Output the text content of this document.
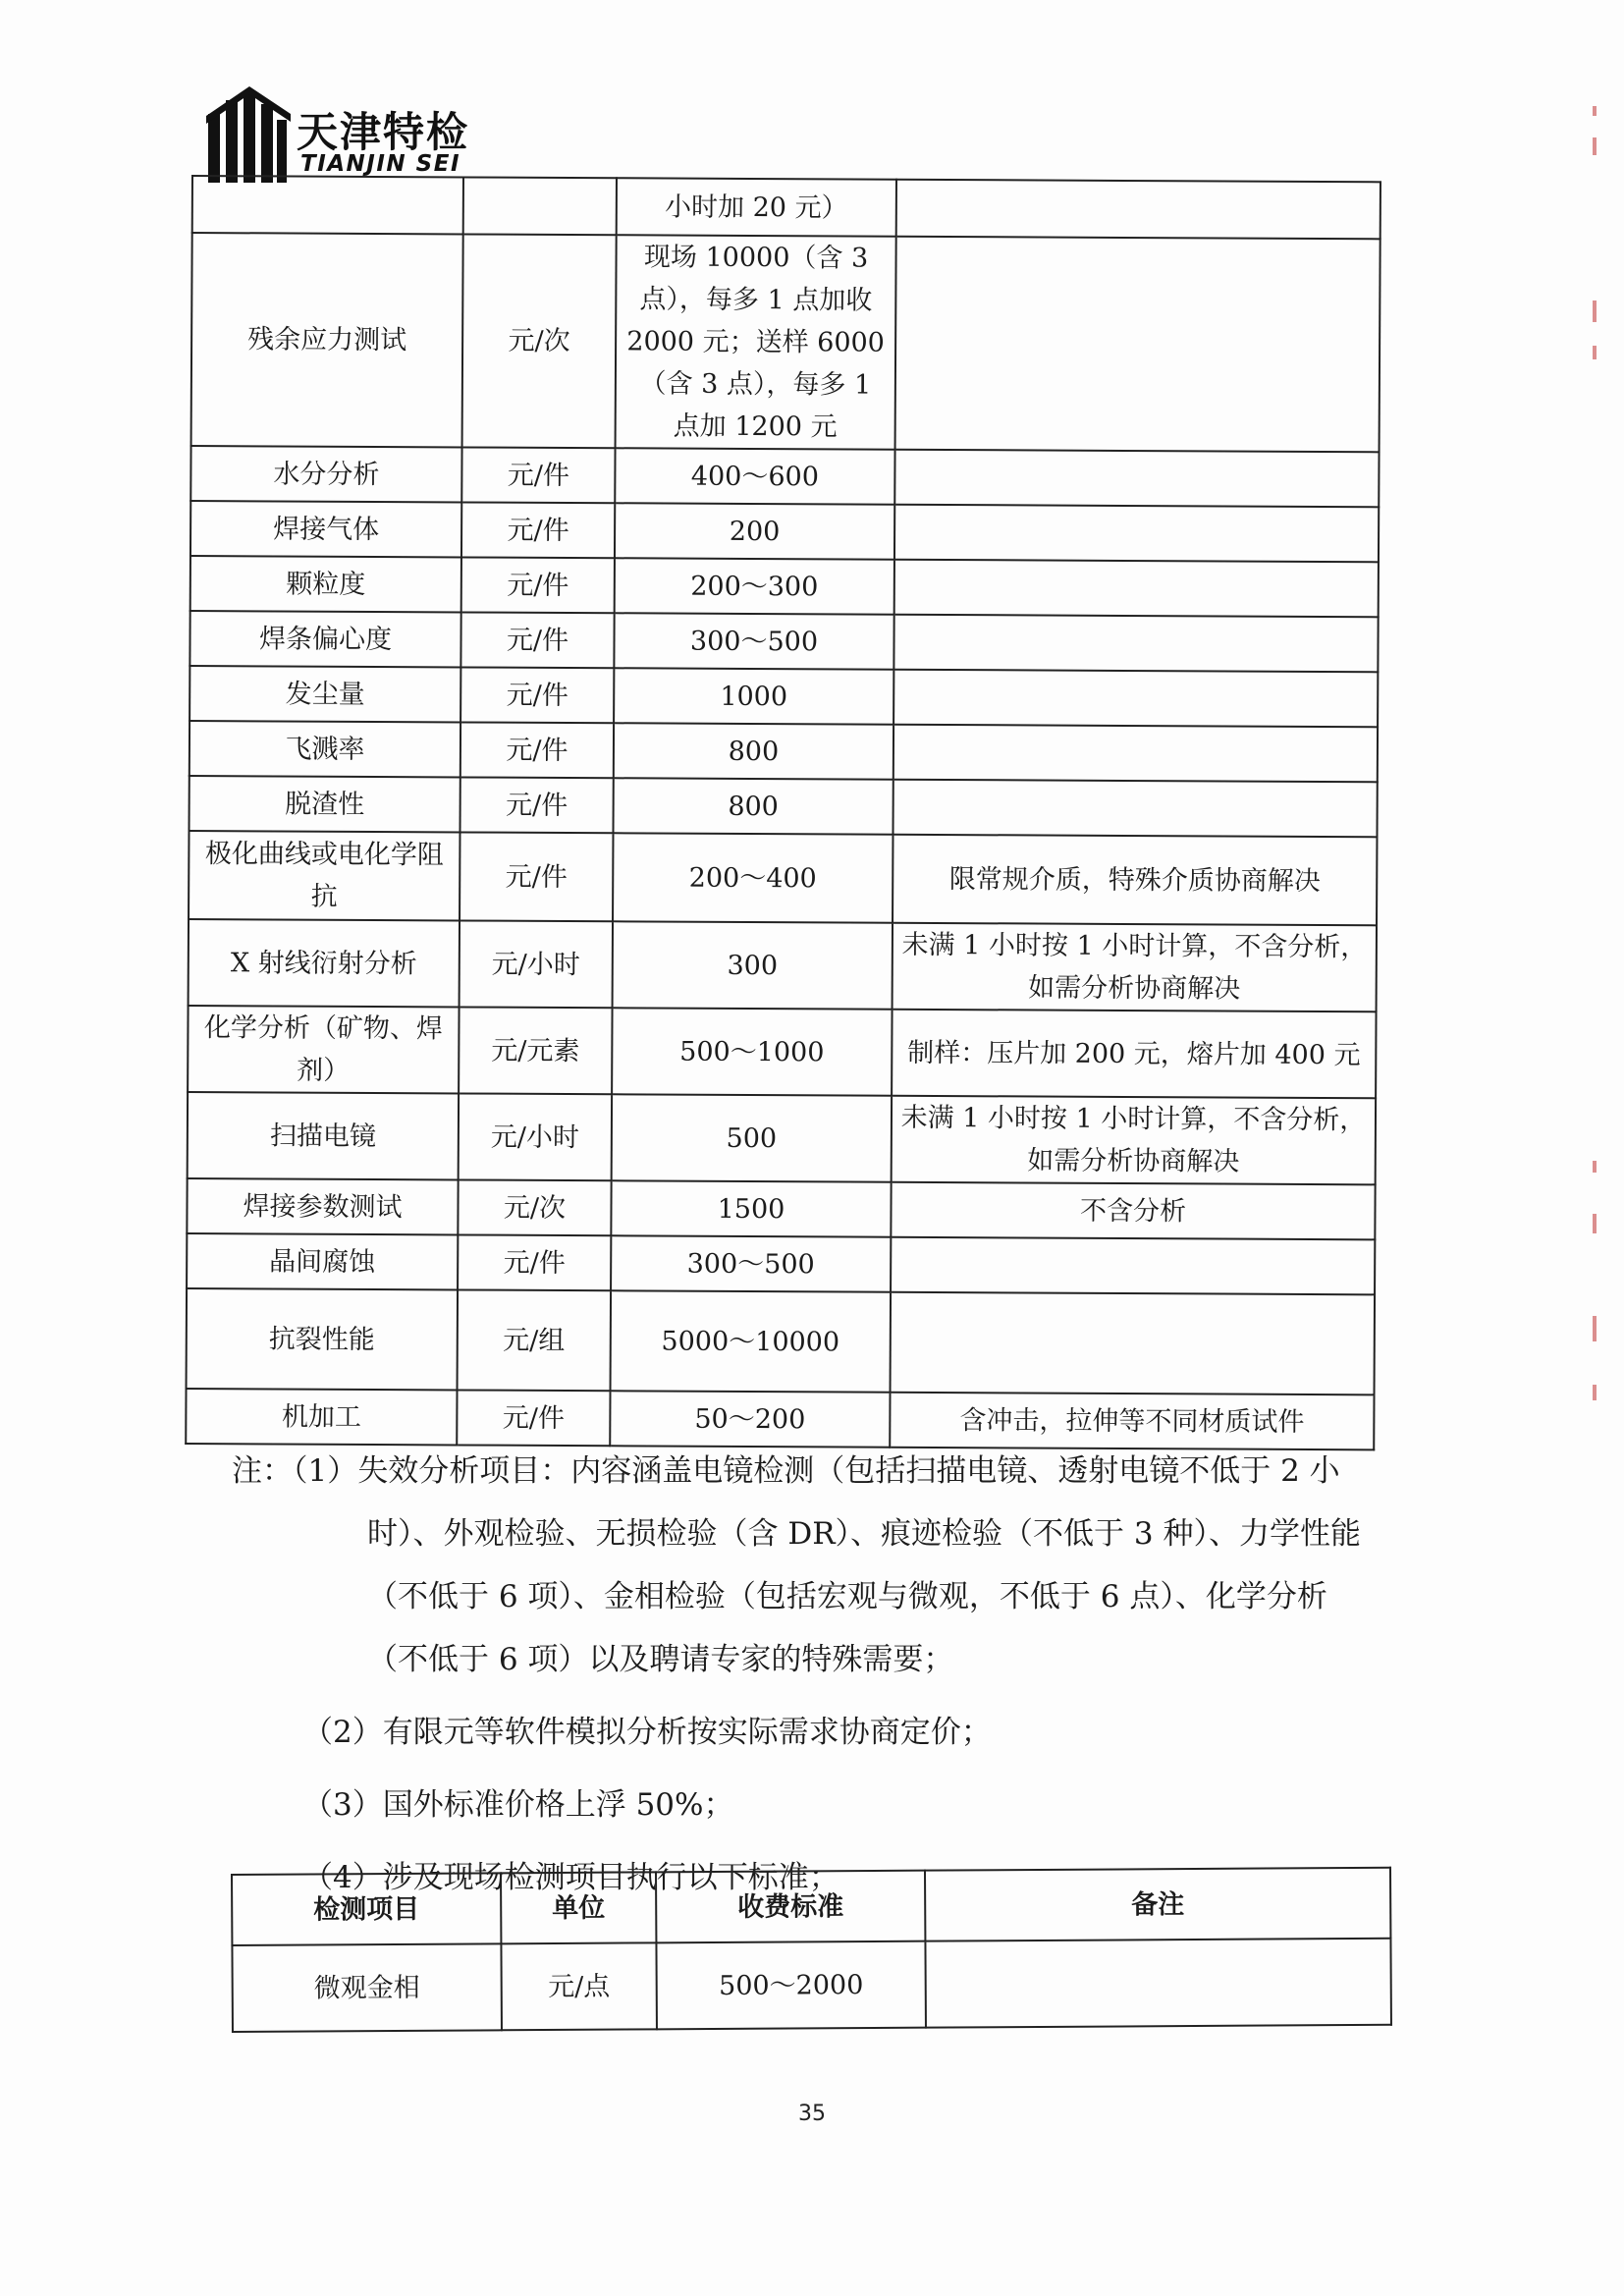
天津特检
TIANJIN SEI
		小时加 20 元）	
残余应力测试	元/次	现场 10000（含 3 点），每多 1 点加收 2000 元；送样 6000（含 3 点），每多 1 点加 1200 元	
水分分析	元/件	400～600	
焊接气体	元/件	200	
颗粒度	元/件	200～300	
焊条偏心度	元/件	300～500	
发尘量	元/件	1000	
飞溅率	元/件	800	
脱渣性	元/件	800	
极化曲线或电化学阻抗	元/件	200～400	限常规介质，特殊介质协商解决
X 射线衍射分析	元/小时	300	未满 1 小时按 1 小时计算，不含分析，如需分析协商解决
化学分析（矿物、焊剂）	元/元素	500～1000	制样：压片加 200 元，熔片加 400 元
扫描电镜	元/小时	500	未满 1 小时按 1 小时计算，不含分析，如需分析协商解决
焊接参数测试	元/次	1500	不含分析
晶间腐蚀	元/件	300～500	
抗裂性能	元/组	5000～10000	
机加工	元/件	50～200	含冲击，拉伸等不同材质试件

注：（1）失效分析项目：内容涵盖电镜检测（包括扫描电镜、透射电镜不低于 2 小时）、外观检验、无损检验（含 DR）、痕迹检验（不低于 3 种）、力学性能（不低于 6 项）、金相检验（包括宏观与微观，不低于 6 点）、化学分析（不低于 6 项）以及聘请专家的特殊需要；

（2）有限元等软件模拟分析按实际需求协商定价；

（3）国外标准价格上浮 50%；

（4）涉及现场检测项目执行以下标准；

检测项目	单位	收费标准	备注
微观金相	元/点	500～2000	
35
